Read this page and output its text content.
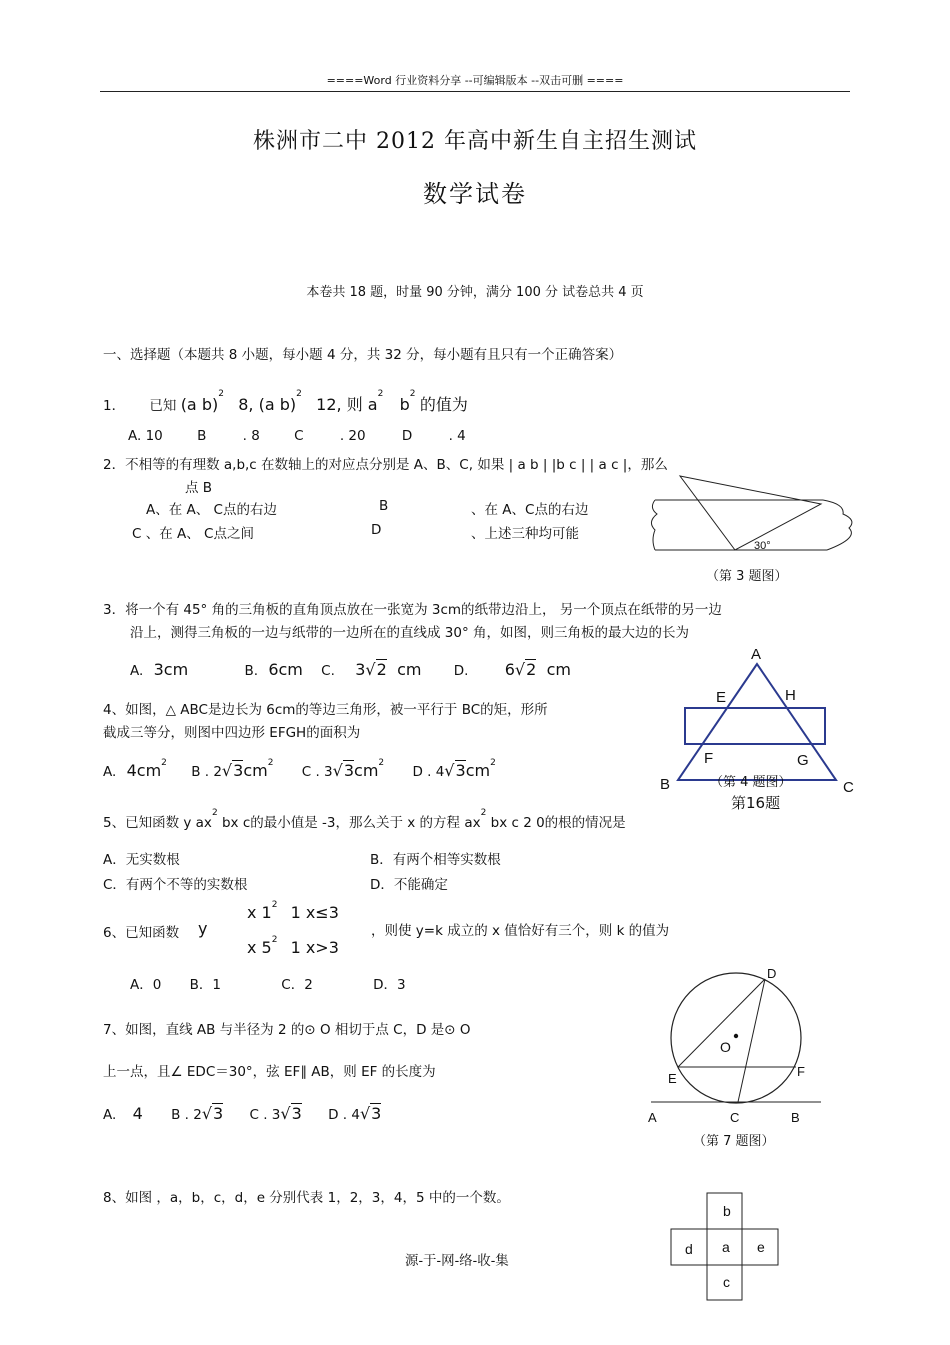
====Word 行业资料分享 --可编辑版本 --双击可删 ====
株洲市二中 2012 年高中新生自主招生测试
数学试卷
本卷共 18 题，时量 90 分钟，满分 100 分 试卷总共 4 页
一、选择题（本题共 8 小题，每小题 4 分，共 32 分，每小题有且只有一个正确答案）
1． 已知 (a b)$^2$ 8, (a b)$^2$ 12, 则 $a^2$ $b^2$ 的值为
A. 10	B	. 8	C	. 20	D	. 4
2．不相等的有理数 a,b,c 在数轴上的对应点分别是 A、B、C, 如果 | a b | |b c | | a c |，那么
点 B
A、在 A、 C点的右边	B	、在 A、C点的右边
C 、在 A、 C点之间	D	、上述三种均可能
30°
（第 3 题图）
3．将一个有 45° 角的三角板的直角顶点放在一张宽为 3cm的纸带边沿上， 另一个顶点在纸带的另一边
沿上，测得三角板的一边与纸带的一边所在的直线成 30° 角，如图，则三角板的最大边的长为
A. 3cm	B. 6cm C. 3√2 cm D. 6√2 cm
A
E	H
F	G
B	C
（第 4 题图）
第16题
4、如图，△ ABC是边长为 6cm的等边三角形，被一平行于 BC的矩，形所
截成三等分，则图中四边形 EFGH的面积为
A. $4cm^2$ B . $2√3cm^2$ C . $3√3cm^2$ D . $4√3cm^2$
5、已知函数 y $ax^2$ bx c的最小值是 -3，那么关于 x 的方程 $ax^2$ bx c 2 0的根的情况是
A．无实数根	B．有两个相等实数根
C．有两个不等的实数根	D．不能确定
6、已知函数 y
x $1^2$ 1 x≤3
x $5^2$ 1 x>3
，则使 y=k 成立的 x 值恰好有三个，则 k 的值为
A．0 B．1	C．2	D．3
D
O
E	F
A	C	B
（第 7 题图）
7、如图，直线 AB 与半径为 2 的⊙ O 相切于点 C，D 是⊙ O
上一点，且∠ EDC＝30°，弦 EF∥ AB，则 EF 的长度为
A. 4 B . 2√3 C . 3√3 D . 4√3
8、如图 ，a，b，c，d，e 分别代表 1，2，3，4，5 中的一个数。
b
d a e
c
源-于-网-络-收-集
